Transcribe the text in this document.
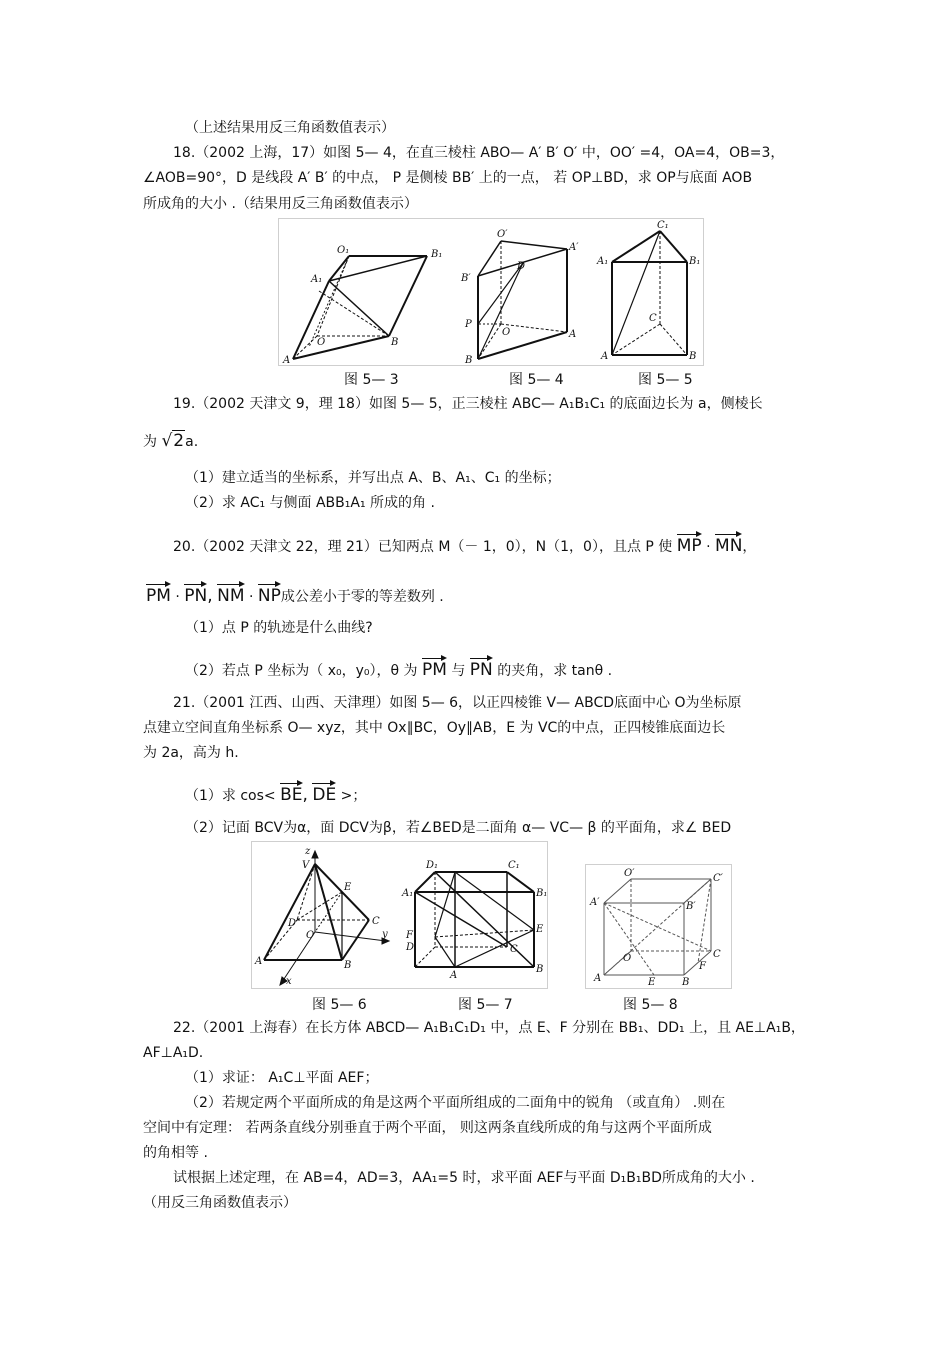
（上述结果用反三角函数值表示）
18.（2002 上海，17）如图 5— 4，在直三棱柱 ABO— A′ B′ O′ 中，OO′ =4，OA=4，OB=3，
∠AOB=90°，D 是线段 A′ B′ 的中点， P 是侧棱 BB′ 上的一点， 若 OP⊥BD，求 OP与底面 AOB
所成角的大小 .（结果用反三角函数值表示）
O₁	B₁
A₁
O	B
A
O′
A′
B′
D
P
O	A
B
C₁
A₁	B₁
C
A	B
图 5— 3	图 5— 4	图 5— 5
19.（2002 天津文 9，理 18）如图 5— 5，正三棱柱 ABC— A₁B₁C₁ 的底面边长为 a，侧棱长
为 √2a.
（1）建立适当的坐标系，并写出点 A、B、A₁、C₁ 的坐标；
（2）求 AC₁ 与侧面 ABB₁A₁ 所成的角 .
20.（2002 天津文 22，理 21）已知两点 M（－ 1，0），N（1，0），且点 P 使 MP · MN，
PM · PN, NM · NP成公差小于零的等差数列 .
（1）点 P 的轨迹是什么曲线?
（2）若点 P 坐标为（ x₀，y₀），θ 为 PM 与 PN 的夹角，求 tanθ .
21.（2001 江西、山西、天津理）如图 5— 6，以正四棱锥 V— ABCD底面中心 O为坐标原
点建立空间直角坐标系 O— xyz，其中 Ox∥BC，Oy∥AB，E 为 VC的中点，正四棱锥底面边长
为 2a，高为 h.
（1）求 cos< BE, DE >；
（2）记面 BCV为α，面 DCV为β，若∠BED是二面角 α— VC— β 的平面角，求∠ BED
z
V
E
D
O
C
y
A	B
x
D₁	C₁
A₁	B₁
F
D
E
C
A
B
O′	C′
A′	B′
O	C
F
A	E	B
图 5— 6	图 5— 7	图 5— 8
22.（2001 上海春）在长方体 ABCD— A₁B₁C₁D₁ 中，点 E、F 分别在 BB₁、DD₁ 上，且 AE⊥A₁B，
AF⊥A₁D.
（1）求证： A₁C⊥平面 AEF；
（2）若规定两个平面所成的角是这两个平面所组成的二面角中的锐角 （或直角） .则在
空间中有定理： 若两条直线分别垂直于两个平面， 则这两条直线所成的角与这两个平面所成
的角相等 .
试根据上述定理，在 AB=4，AD=3，AA₁=5 时，求平面 AEF与平面 D₁B₁BD所成角的大小 .
（用反三角函数值表示）
